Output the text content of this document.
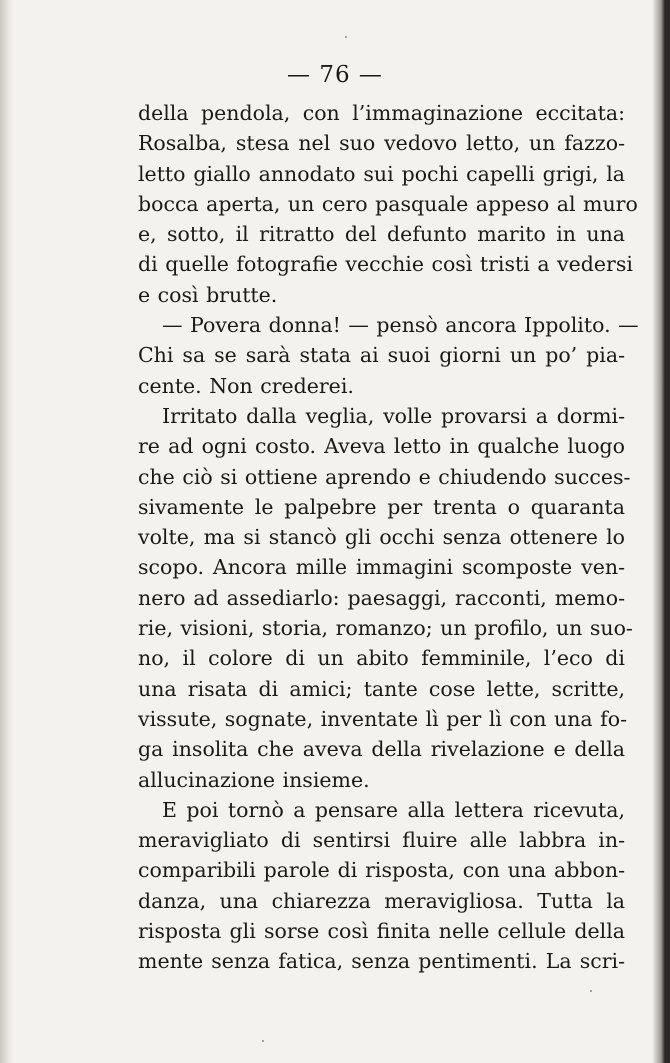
— 76 —
della pendola, con l’immaginazione eccitata:
Rosalba, stesa nel suo vedovo letto, un fazzo-
letto giallo annodato sui pochi capelli grigi, la
bocca aperta, un cero pasquale appeso al muro
e, sotto, il ritratto del defunto marito in una
di quelle fotografie vecchie così tristi a vedersi
e così brutte.
— Povera donna! — pensò ancora Ippolito. —
Chi sa se sarà stata ai suoi giorni un po’ pia-
cente. Non crederei.
Irritato dalla veglia, volle provarsi a dormi-
re ad ogni costo. Aveva letto in qualche luogo
che ciò si ottiene aprendo e chiudendo succes-
sivamente le palpebre per trenta o quaranta
volte, ma si stancò gli occhi senza ottenere lo
scopo. Ancora mille immagini scomposte ven-
nero ad assediarlo: paesaggi, racconti, memo-
rie, visioni, storia, romanzo; un profilo, un suo-
no, il colore di un abito femminile, l’eco di
una risata di amici; tante cose lette, scritte,
vissute, sognate, inventate lì per lì con una fo-
ga insolita che aveva della rivelazione e della
allucinazione insieme.
E poi tornò a pensare alla lettera ricevuta,
meravigliato di sentirsi fluire alle labbra in-
comparibili parole di risposta, con una abbon-
danza, una chiarezza meravigliosa. Tutta la
risposta gli sorse così finita nelle cellule della
mente senza fatica, senza pentimenti. La scri-
